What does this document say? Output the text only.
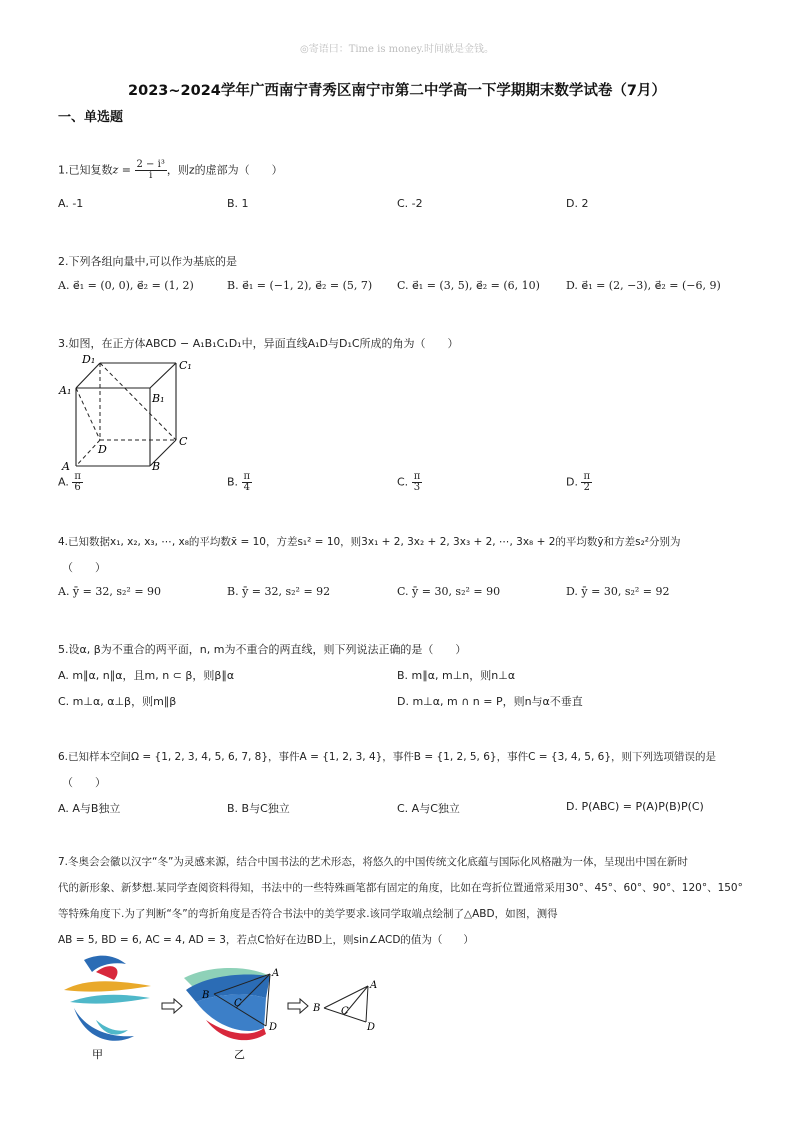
◎寄语曰：Time is money.时间就是金钱。
2023~2024学年广西南宁青秀区南宁市第二中学高一下学期期末数学试卷（7月）
一、单选题
1.已知复数$z = \frac{\text{2 − i³}}{i}$ ，则z的虚部为（　　）
A. -1	B. 1	C. -2	D. 2
2.下列各组向量中,可以作为基底的是
A. e⃗₁ = (0, 0), e⃗₂ = (1, 2)	B. e⃗₁ = (−1, 2), e⃗₂ = (5, 7) C. e⃗₁ = (3, 5), e⃗₂ = (6, 10) D. e⃗₁ = (2, −3), e⃗₂ = (−6, 9)
3.如图，在正方体ABCD − A₁B₁C₁D₁中，异面直线A₁D与D₁C所成的角为（　　）
D₁	C₁
A₁
B₁
D
C
A	B
A. $\frac{\pi}{6}$	B. $\frac{\pi}{4}$	C. $\frac{\pi}{3}$	D. $\frac{\pi}{2}$
4.已知数据x₁, x₂, x₃, ⋯, x₈的平均数x̄ = 10，方差s₁² = 10，则3x₁ + 2, 3x₂ + 2, 3x₃ + 2, ⋯, 3x₈ + 2的平均数ȳ和方差s₂²分别为
（　　）
A. ȳ = 32, s₂² = 90	B. ȳ = 32, s₂² = 92	C. ȳ = 30, s₂² = 90	D. ȳ = 30, s₂² = 92
5.设α, β为不重合的两平面，n, m为不重合的两直线，则下列说法正确的是（　　）
A. m∥α, n∥α，且m, n ⊂ β，则β∥α	B. m∥α, m⊥n，则n⊥α
C. m⊥α, α⊥β，则m∥β	D. m⊥α, m ∩ n = P，则n与α不垂直
6.已知样本空间Ω = {1, 2, 3, 4, 5, 6, 7, 8}，事件A = {1, 2, 3, 4}，事件B = {1, 2, 5, 6}，事件C = {3, 4, 5, 6}，则下列选项错误的是
（　　）
A. A与B独立	B. B与C独立	C. A与C独立	D. P(ABC) = P(A)P(B)P(C)
7.冬奥会会徽以汉字“冬”为灵感来源，结合中国书法的艺术形态，将悠久的中国传统文化底蕴与国际化风格融为一体，呈现出中国在新时
代的新形象、新梦想.某同学查阅资料得知，书法中的一些特殊画笔都有固定的角度，比如在弯折位置通常采用30°、45°、60°、90°、120°、150°
等特殊角度下.为了判断“冬”的弯折角度是否符合书法中的美学要求.该同学取端点绘制了△ABD，如图，测得
AB = 5, BD = 6, AC = 4, AD = 3，若点C恰好在边BD上，则sin∠ACD的值为（　　）
甲
A
B
C
D
乙
A
B C
D
